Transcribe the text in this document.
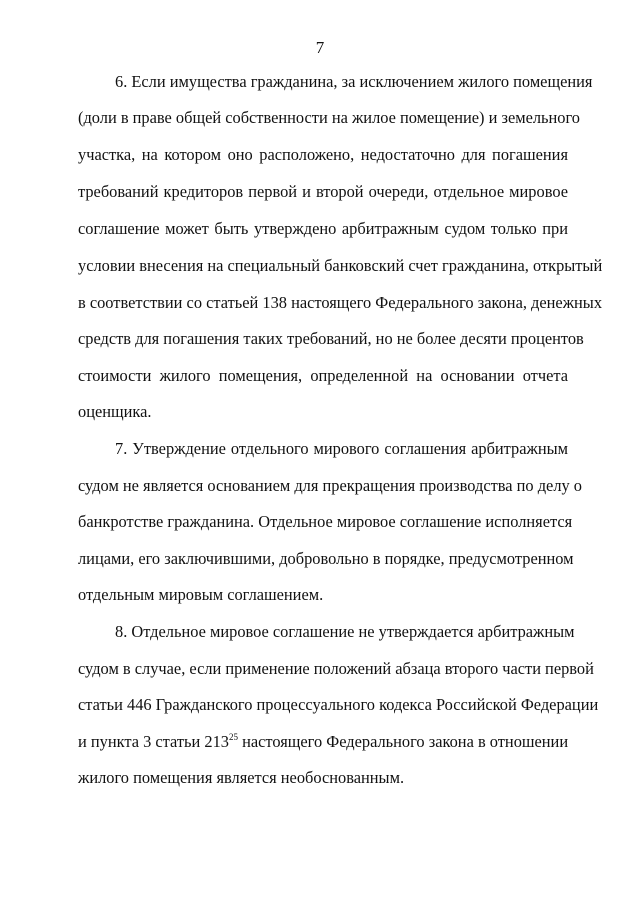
7
6. Если имущества гражданина, за исключением жилого помещения
(доли в праве общей собственности на жилое помещение) и земельного
участка, на котором оно расположено, недостаточно для погашения
требований кредиторов первой и второй очереди, отдельное мировое
соглашение может быть утверждено арбитражным судом только при
условии внесения на специальный банковский счет гражданина, открытый
в соответствии со статьей 138 настоящего Федерального закона, денежных
средств для погашения таких требований, но не более десяти процентов
стоимости жилого помещения, определенной на основании отчета
оценщика.
7. Утверждение отдельного мирового соглашения арбитражным
судом не является основанием для прекращения производства по делу о
банкротстве гражданина. Отдельное мировое соглашение исполняется
лицами, его заключившими, добровольно в порядке, предусмотренном
отдельным мировым соглашением.
8. Отдельное мировое соглашение не утверждается арбитражным
судом в случае, если применение положений абзаца второго части первой
статьи 446 Гражданского процессуального кодекса Российской Федерации
и пункта 3 статьи $213^{25}$ настоящего Федерального закона в отношении
жилого помещения является необоснованным.
